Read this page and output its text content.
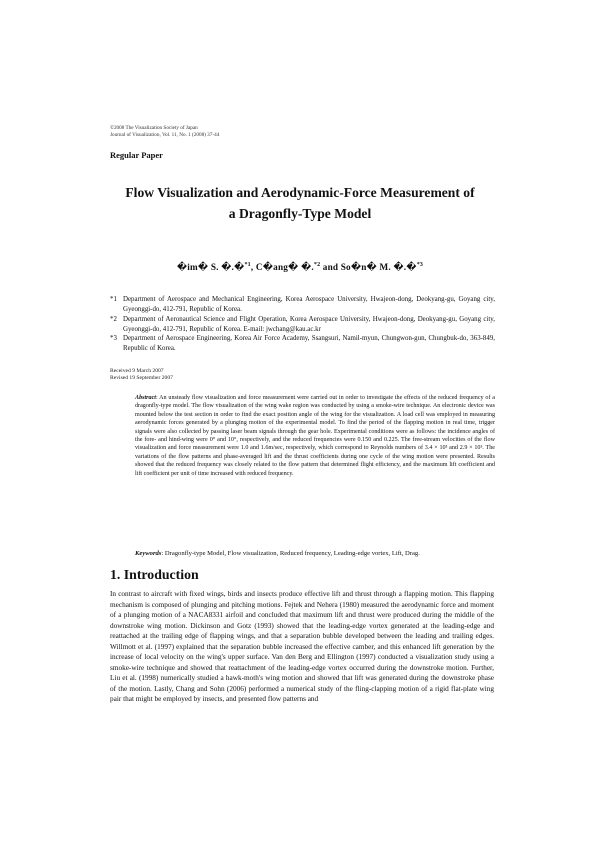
©2008 The Visualization Society of Japan
Journal of Visualization, Vol. 11, No. 1 (2008) 37-44
Regular Paper
Flow Visualization and Aerodynamic-Force Measurement of
a Dragonfly-Type Model
�im� S. �.�$^{*1}$, C�ang� �.$^{*2}$ and So�n� M. �.�$^{*3}$
*1 Department of Aerospace and Mechanical Engineering, Korea Aerospace University, Hwajeon-dong, Deokyang-gu, Goyang city, Gyeonggi-do, 412-791, Republic of Korea.
*2 Department of Aeronautical Science and Flight Operation, Korea Aerospace University, Hwajeon-dong, Deokyang-gu, Goyang city, Gyeonggi-do, 412-791, Republic of Korea. E-mail: jwchang@kau.ac.kr
*3 Department of Aerospace Engineering, Korea Air Force Academy, Ssangsuri, Namil-myun, Chungwon-gun, Chungbuk-do, 363-849, Republic of Korea.
Received 9 March 2007
Revised 19 September 2007
Abstract: An unsteady flow visualization and force measurement were carried out in order to investigate the effects of the reduced frequency of a dragonfly-type model. The flow visualization of the wing wake region was conducted by using a smoke-wire technique. An electronic device was mounted below the test section in order to find the exact position angle of the wing for the visualization. A load cell was employed in measuring aerodynamic forces generated by a plunging motion of the experimental model. To find the period of the flapping motion in real time, trigger signals were also collected by passing laser beam signals through the gear hole. Experimental conditions were as follows: the incidence angles of the fore- and hind-wing were 0° and 10°, respectively, and the reduced frequencies were 0.150 and 0.225. The free-stream velocities of the flow visualization and force measurement were 1.0 and 1.6m/sec, respectively, which correspond to Reynolds numbers of 3.4 × 10³ and 2.9 × 10³. The variations of the flow patterns and phase-averaged lift and the thrust coefficients during one cycle of the wing motion were presented. Results showed that the reduced frequency was closely related to the flow pattern that determined flight efficiency, and the maximum lift coefficient and lift coefficient per unit of time increased with reduced frequency.
Keywords: Dragonfly-type Model, Flow visualization, Reduced frequency, Leading-edge vortex, Lift, Drag.
1. Introduction
In contrast to aircraft with fixed wings, birds and insects produce effective lift and thrust through a flapping motion. This flapping mechanism is composed of plunging and pitching motions. Fejtek and Nehera (1980) measured the aerodynamic force and moment of a plunging motion of a NACA8331 airfoil and concluded that maximum lift and thrust were produced during the middle of the downstroke wing motion. Dickinson and Gotz (1993) showed that the leading-edge vortex generated at the leading-edge and reattached at the trailing edge of flapping wings, and that a separation bubble developed between the leading and trailing edges. Willmott et al. (1997) explained that the separation bubble increased the effective camber, and this enhanced lift generation by the increase of local velocity on the wing's upper surface. Van den Berg and Ellington (1997) conducted a visualization study using a smoke-wire technique and showed that reattachment of the leading-edge vortex occurred during the downstroke motion. Further, Liu et al. (1998) numerically studied a hawk-moth's wing motion and showed that lift was generated during the downstroke phase of the motion. Lastly, Chang and Sohn (2006) performed a numerical study of the fling-clapping motion of a rigid flat-plate wing pair that might be employed by insects, and presented flow patterns and
